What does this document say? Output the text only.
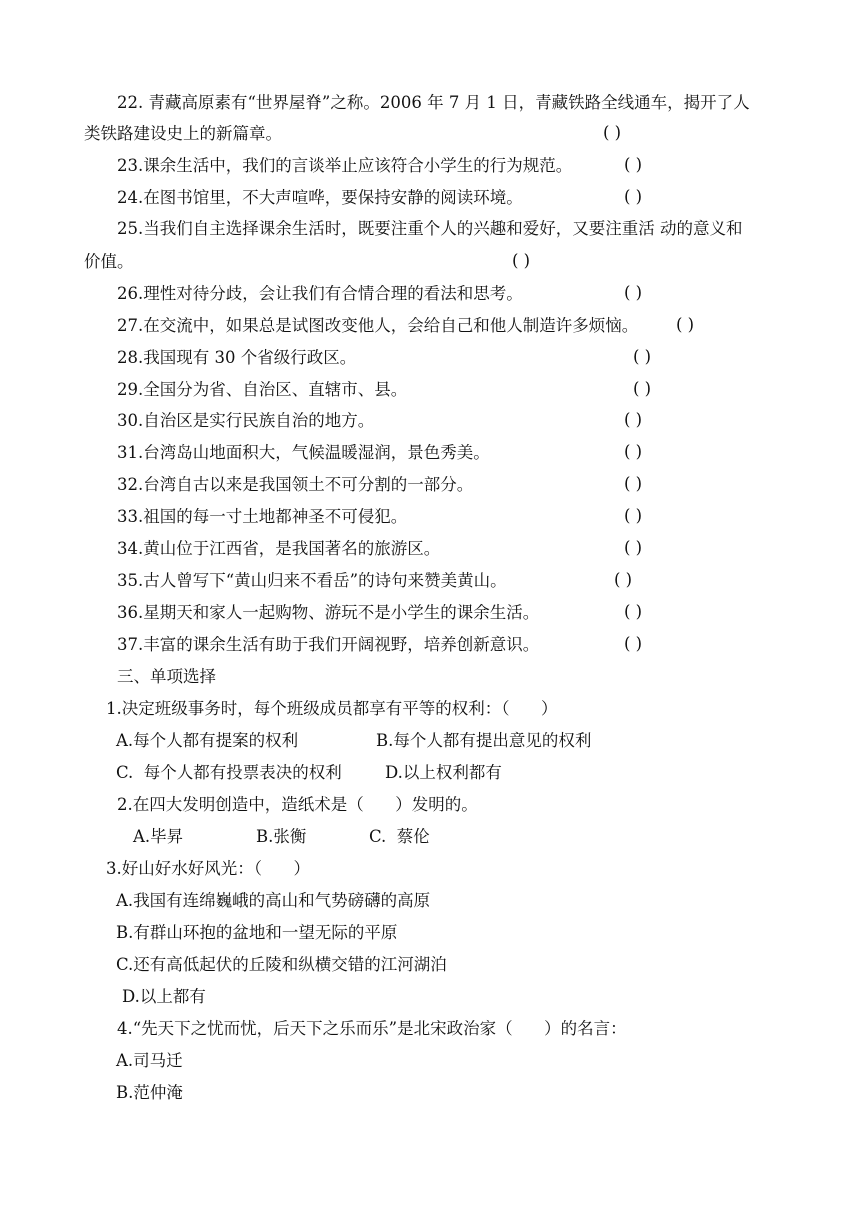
22. 青藏高原素有“世界屋脊”之称。2006 年 7 月 1 日，青藏铁路全线通车，揭开了人
类铁路建设史上的新篇章。	( )
23.课余生活中，我们的言谈举止应该符合小学生的行为规范。	( )
24.在图书馆里，不大声喧哗，要保持安静的阅读环境。	( )
25.当我们自主选择课余生活时，既要注重个人的兴趣和爱好，又要注重活 动的意义和
价值。	( )
26.理性对待分歧，会让我们有合情合理的看法和思考。	( )
27.在交流中，如果总是试图改变他人，会给自己和他人制造许多烦恼。 ( )
28.我国现有 30 个省级行政区。	( )
29.全国分为省、自治区、直辖市、县。	( )
30.自治区是实行民族自治的地方。	( )
31.台湾岛山地面积大，气候温暖湿润，景色秀美。	( )
32.台湾自古以来是我国领土不可分割的一部分。	( )
33.祖国的每一寸土地都神圣不可侵犯。	( )
34.黄山位于江西省，是我国著名的旅游区。	( )
35.古人曾写下“黄山归来不看岳”的诗句来赞美黄山。	( )
36.星期天和家人一起购物、游玩不是小学生的课余生活。	( )
37.丰富的课余生活有助于我们开阔视野，培养创新意识。	( )
三、单项选择
1.决定班级事务时，每个班级成员都享有平等的权利：（      ）
A.每个人都有提案的权利	B.每个人都有提出意见的权利
C.  每个人都有投票表决的权利	D.以上权利都有
2.在四大发明创造中，造纸术是（      ）发明的。
A.毕昇	B.张衡	C.  蔡伦
3.好山好水好风光：（      ）
A.我国有连绵巍峨的高山和气势磅礴的高原
B.有群山环抱的盆地和一望无际的平原
C.还有高低起伏的丘陵和纵横交错的江河湖泊
D.以上都有
4.“先天下之忧而忧，后天下之乐而乐”是北宋政治家（      ）的名言：
A.司马迁
B.范仲淹
